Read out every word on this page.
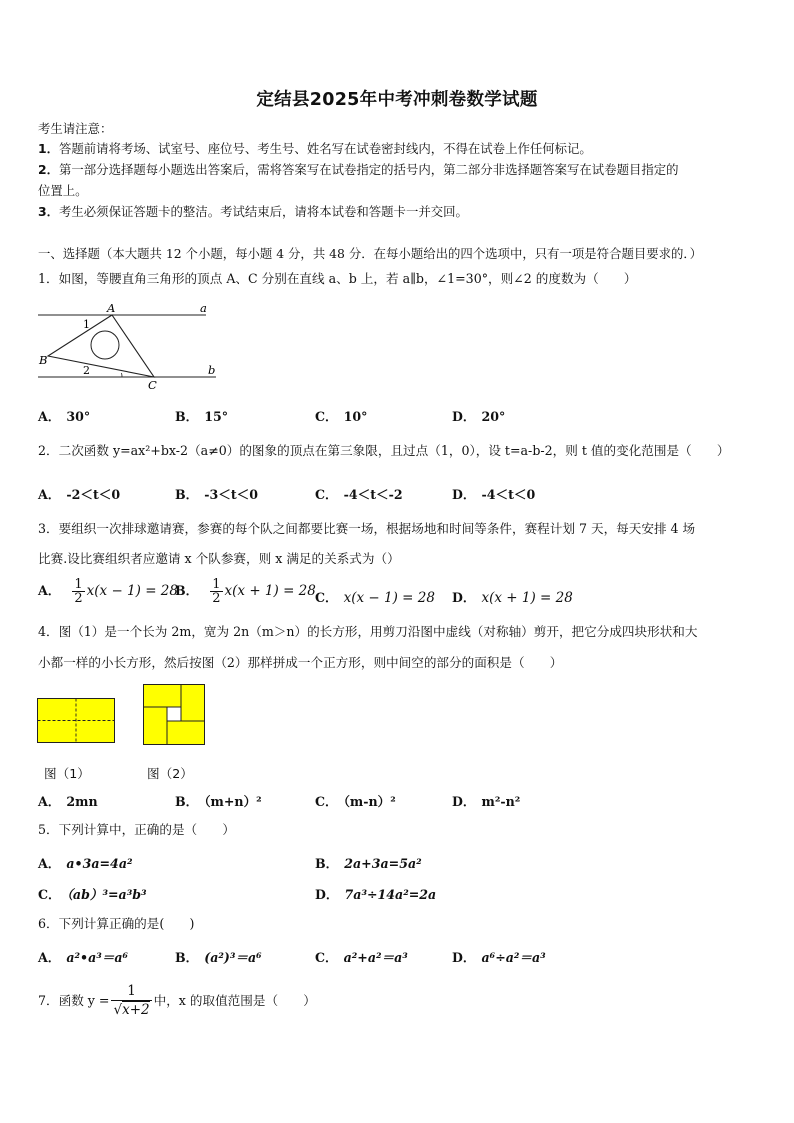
定结县2025年中考冲刺卷数学试题
考生请注意：
1．答题前请将考场、试室号、座位号、考生号、姓名写在试卷密封线内，不得在试卷上作任何标记。
2．第一部分选择题每小题选出答案后，需将答案写在试卷指定的括号内，第二部分非选择题答案写在试卷题目指定的
位置上。
3．考生必须保证答题卡的整洁。考试结束后，请将本试卷和答题卡一并交回。
一、选择题（本大题共 12 个小题，每小题 4 分，共 48 分．在每小题给出的四个选项中，只有一项是符合题目要求的．）
1．如图，等腰直角三角形的顶点 A、C 分别在直线 a、b 上，若 a∥b，∠1=30°，则∠2 的度数为（　　）
A	a
1
B
2	b
C
A． 30°	B． 15°	C． 10°	D． 20°
2．二次函数 y=ax²+bx-2（a≠0）的图象的顶点在第三象限，且过点（1，0），设 t=a-b-2，则 t 值的变化范围是（　　）
A． -2＜t＜0	B． -3＜t＜0	C． -4＜t＜-2	D． -4＜t＜0
3．要组织一次排球邀请赛，参赛的每个队之间都要比赛一场，根据场地和时间等条件，赛程计划 7 天，每天安排 4 场
比赛.设比赛组织者应邀请 x 个队参赛，则 x 满足的关系式为（）
A． $\frac{1}{2} x(x - 1) = 28$
B． $\frac{1}{2} x(x + 1) = 28$ C． x(x − 1) = 28 D． x(x + 1) = 28
4．图（1）是一个长为 2m，宽为 2n（m＞n）的长方形，用剪刀沿图中虚线（对称轴）剪开，把它分成四块形状和大
小都一样的小长方形，然后按图（2）那样拼成一个正方形，则中间空的部分的面积是（　　）
图（1）	图（2）
A． 2mn	B． （m+n）²	C． （m-n）²	D． m²-n²
5．下列计算中，正确的是（　　）
A． a•3a=4a²	B． 2a+3a=5a²
C． （ab）³=a³b³	D． 7a³÷14a²=2a
6．下列计算正确的是(　　)
A． a²•a³＝a⁶	B． (a²)³＝a⁶	C． a²+a²＝a³	D． a⁶÷a²＝a³
7．函数 $y = \frac{1}{√ x+2}$ 中，x 的取值范围是（　　）
